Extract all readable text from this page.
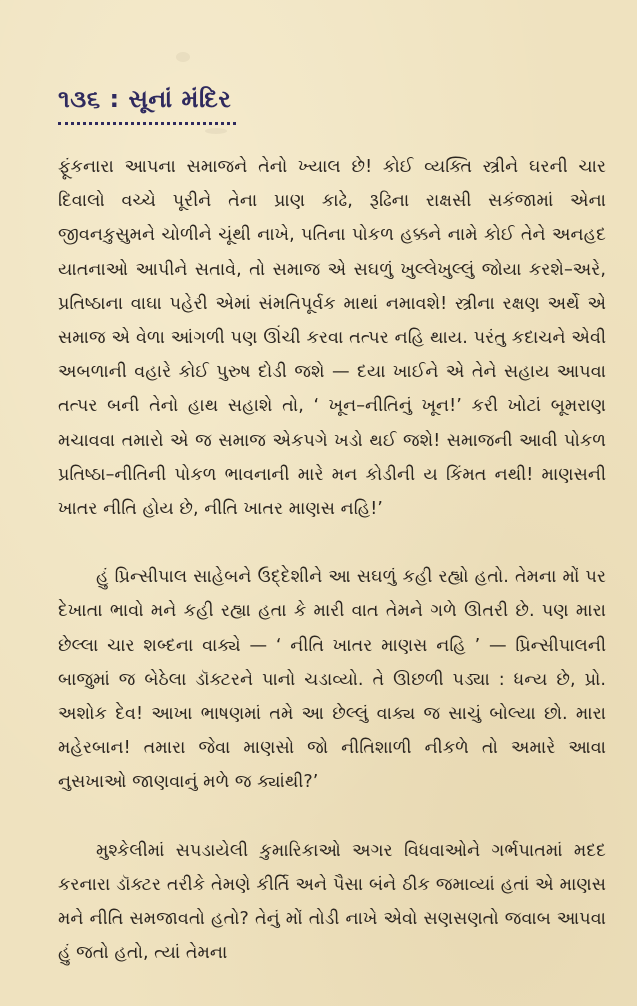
૧૩૬ : સૂનાં મંદિર

ફૂંકનારા આપના સમાજને તેનો ખ્યાલ છે! કોઈ વ્યક્તિ સ્ત્રીને ઘરની ચાર દિવાલો વચ્ચે પૂરીને તેના પ્રાણ કાઢે, રૂઢિના રાક્ષસી સકંજામાં એના જીવનકુસુમને ચોળીને ચૂંથી નાખે, પતિના પોકળ હક્કને નામે કોઈ તેને અનહદ યાતનાઓ આપીને સતાવે, તો સમાજ એ સઘળું ખુલ્લેખુલ્લું જોયા કરશે–અરે, પ્રતિષ્ઠાના વાઘા પહેરી એમાં સંમતિપૂર્વક માથાં નમાવશે! સ્ત્રીના રક્ષણ અર્થે એ સમાજ એ વેળા આંગળી પણ ઊંચી કરવા તત્પર નહિ થાય. પરંતુ કદાચને એવી અબળાની વહારે કોઈ પુરુષ દોડી જશે — દયા ખાઈને એ તેને સહાય આપવા તત્પર બની તેનો હાથ સહાશે તો, ‘ ખૂન–નીતિનું ખૂન!’ કરી ખોટાં બૂમરાણ મચાવવા તમારો એ જ સમાજ એકપગે ખડો થઈ જશે! સમાજની આવી પોકળ પ્રતિષ્ઠા–નીતિની પોકળ ભાવનાની મારે મન કોડીની ય કિંમત નથી! માણસની ખાતર નીતિ હોય છે, નીતિ ખાતર માણસ નહિ!’

હું પ્રિન્સીપાલ સાહેબને ઉદ્દેશીને આ સઘળું કહી રહ્યો હતો. તેમના મોં પર દેખાતા ભાવો મને કહી રહ્યા હતા કે મારી વાત તેમને ગળે ઊતરી છે. પણ મારા છેલ્લા ચાર શબ્દના વાક્યે — ‘ નીતિ ખાતર માણસ નહિ ’ — પ્રિન્સીપાલની બાજુમાં જ બેઠેલા ડૉક્ટરને પાનો ચડાવ્યો. તે ઊછળી પડ્યા : ધન્ય છે, પ્રો. અશોક દેવ! આખા ભાષણમાં તમે આ છેલ્લું વાક્ય જ સાચું બોલ્યા છો. મારા મહેરબાન! તમારા જેવા માણસો જો નીતિશાળી નીકળે તો અમારે આવા નુસખાઓ જાણવાનું મળે જ ક્યાંથી?’

મુશ્કેલીમાં સપડાયેલી કુમારિકાઓ અગર વિધવાઓને ગર્ભપાતમાં મદદ કરનારા ડૉક્ટર તરીકે તેમણે કીર્તિ અને પૈસા બંને ઠીક જમાવ્યાં હતાં એ માણસ મને નીતિ સમજાવતો હતો? તેનું મોં તોડી નાખે એવો સણસણતો જવાબ આપવા હું જતો હતો, ત્યાં તેમના
